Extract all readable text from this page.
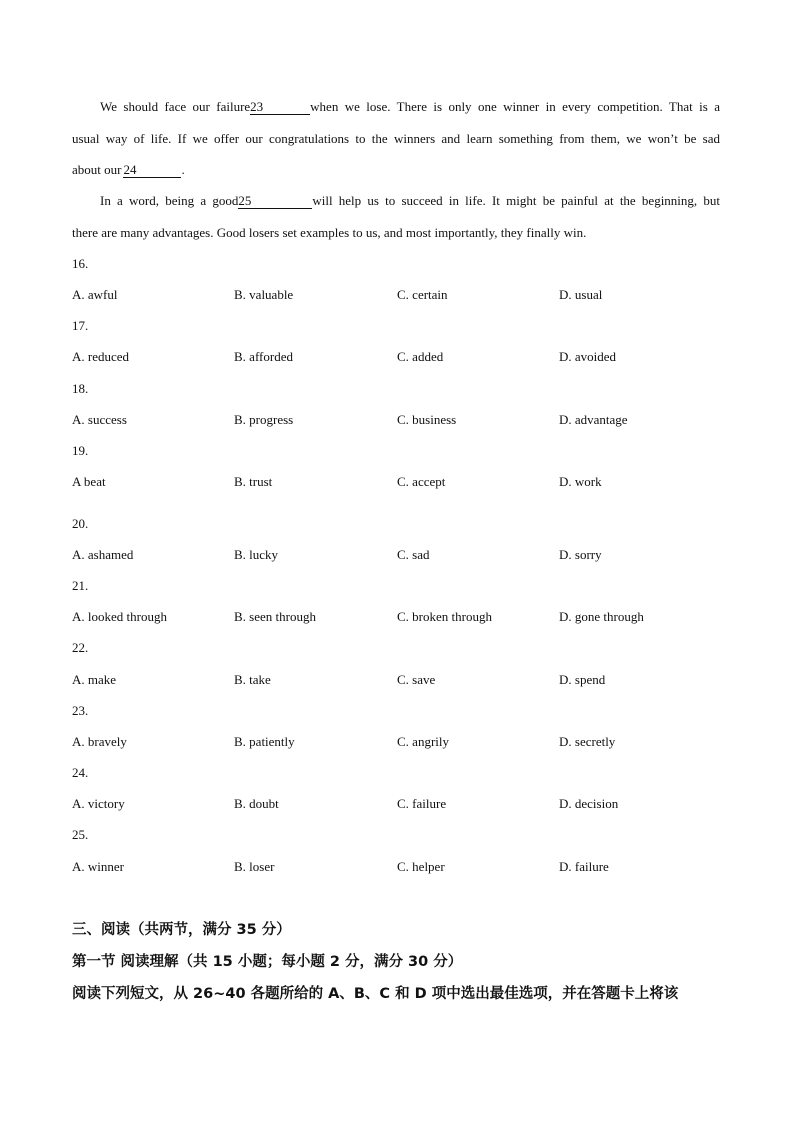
We should face our failure23	when we lose. There is only one winner in every competition. That is a
usual way of life. If we offer our congratulations to the winners and learn something from them, we won’t be sad
about our 24	.
In a word, being a good25	will help us to succeed in life. It might be painful at the beginning, but
there are many advantages. Good losers set examples to us, and most importantly, they finally win.
16.
A. awful	B. valuable	C. certain	D. usual
17.
A. reduced	B. afforded	C. added	D. avoided
18.
A. success	B. progress	C. business	D. advantage
19.
A beat	B. trust	C. accept	D. work
20.
A. ashamed	B. lucky	C. sad	D. sorry
21.
A. looked through	B. seen through	C. broken through	D. gone through
22.
A. make	B. take	C. save	D. spend
23.
A. bravely	B. patiently	C. angrily	D. secretly
24.
A. victory	B. doubt	C. failure	D. decision
25.
A. winner	B. loser	C. helper	D. failure
三、阅读（共两节，满分 35 分）
第一节 阅读理解（共 15 小题；每小题 2 分，满分 30 分）
阅读下列短文，从 26~40 各题所给的 A、B、C 和 D 项中选出最佳选项，并在答题卡上将该
